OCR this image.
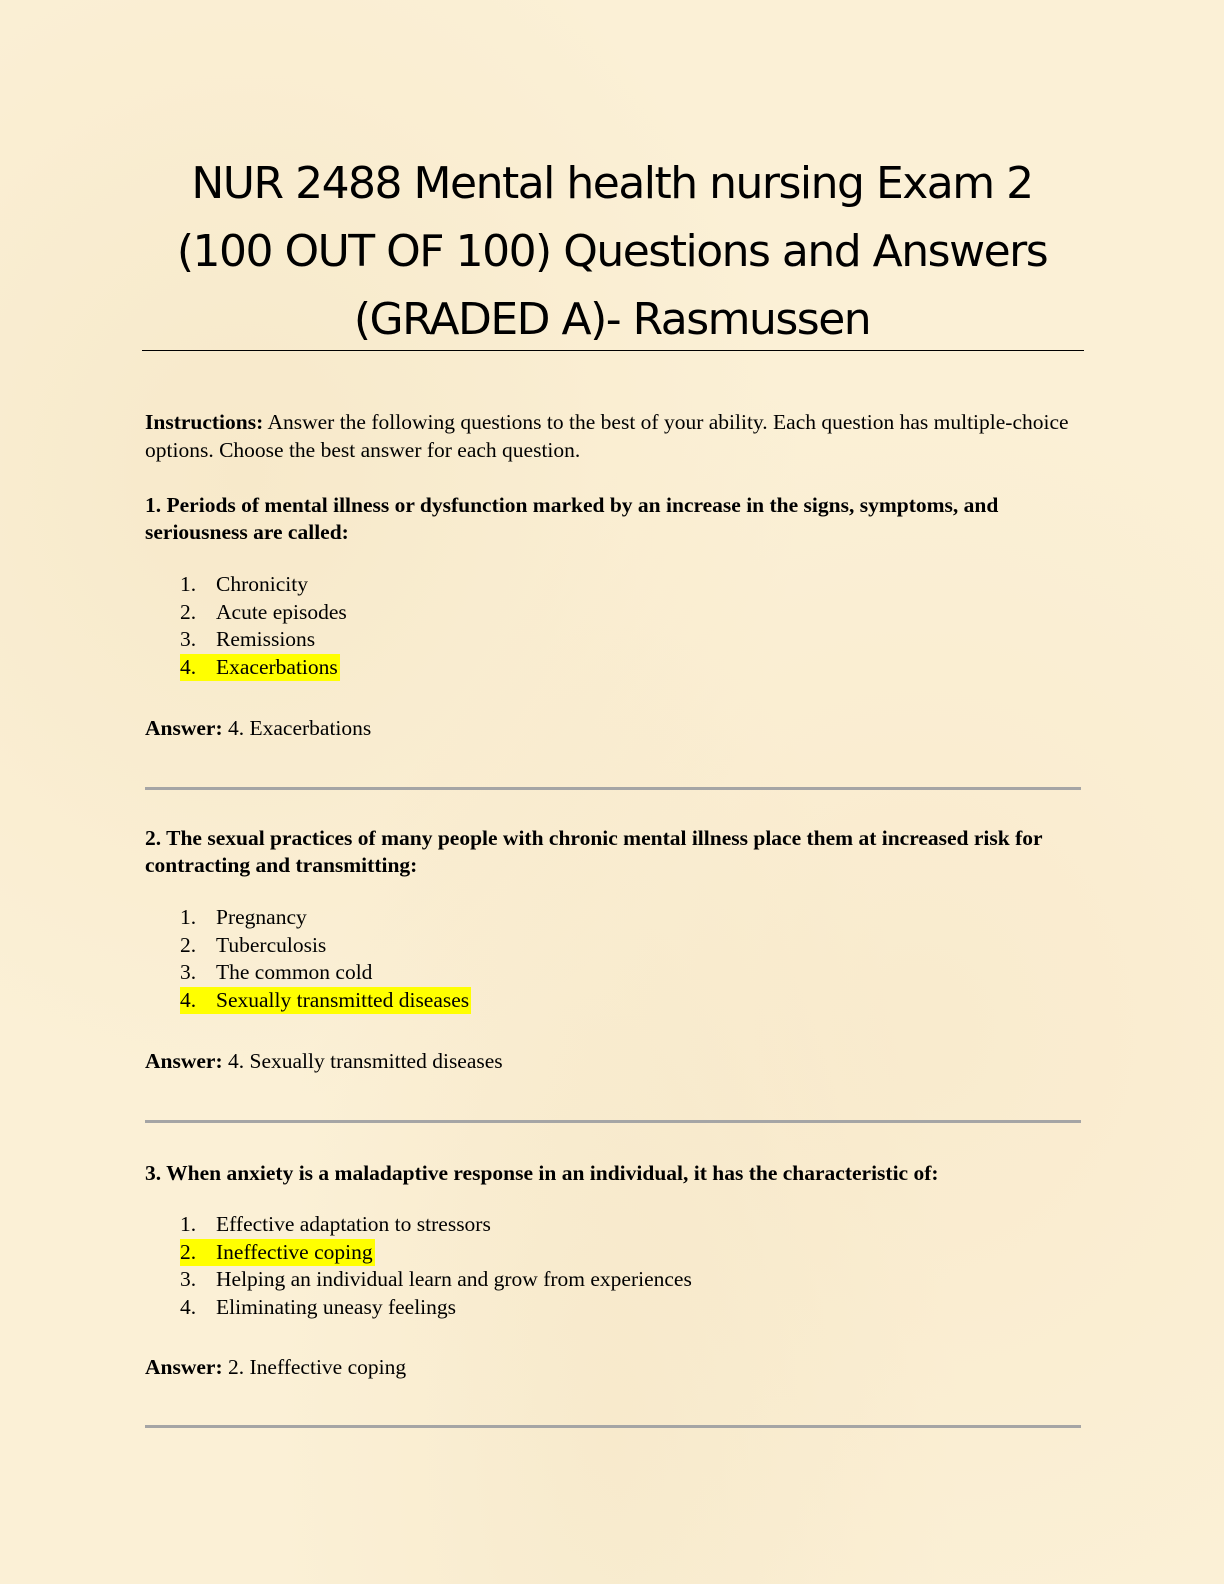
NUR 2488 Mental health nursing Exam 2
(100 OUT OF 100) Questions and Answers
(GRADED A)- Rasmussen
Instructions: Answer the following questions to the best of your ability. Each question has multiple-choice options. Choose the best answer for each question.
1. Periods of mental illness or dysfunction marked by an increase in the signs, symptoms, and seriousness are called:
1. Chronicity
2. Acute episodes
3. Remissions
4. Exacerbations
Answer: 4. Exacerbations
2. The sexual practices of many people with chronic mental illness place them at increased risk for contracting and transmitting:
1. Pregnancy
2. Tuberculosis
3. The common cold
4. Sexually transmitted diseases
Answer: 4. Sexually transmitted diseases
3. When anxiety is a maladaptive response in an individual, it has the characteristic of:
1. Effective adaptation to stressors
2. Ineffective coping
3. Helping an individual learn and grow from experiences
4. Eliminating uneasy feelings
Answer: 2. Ineffective coping
